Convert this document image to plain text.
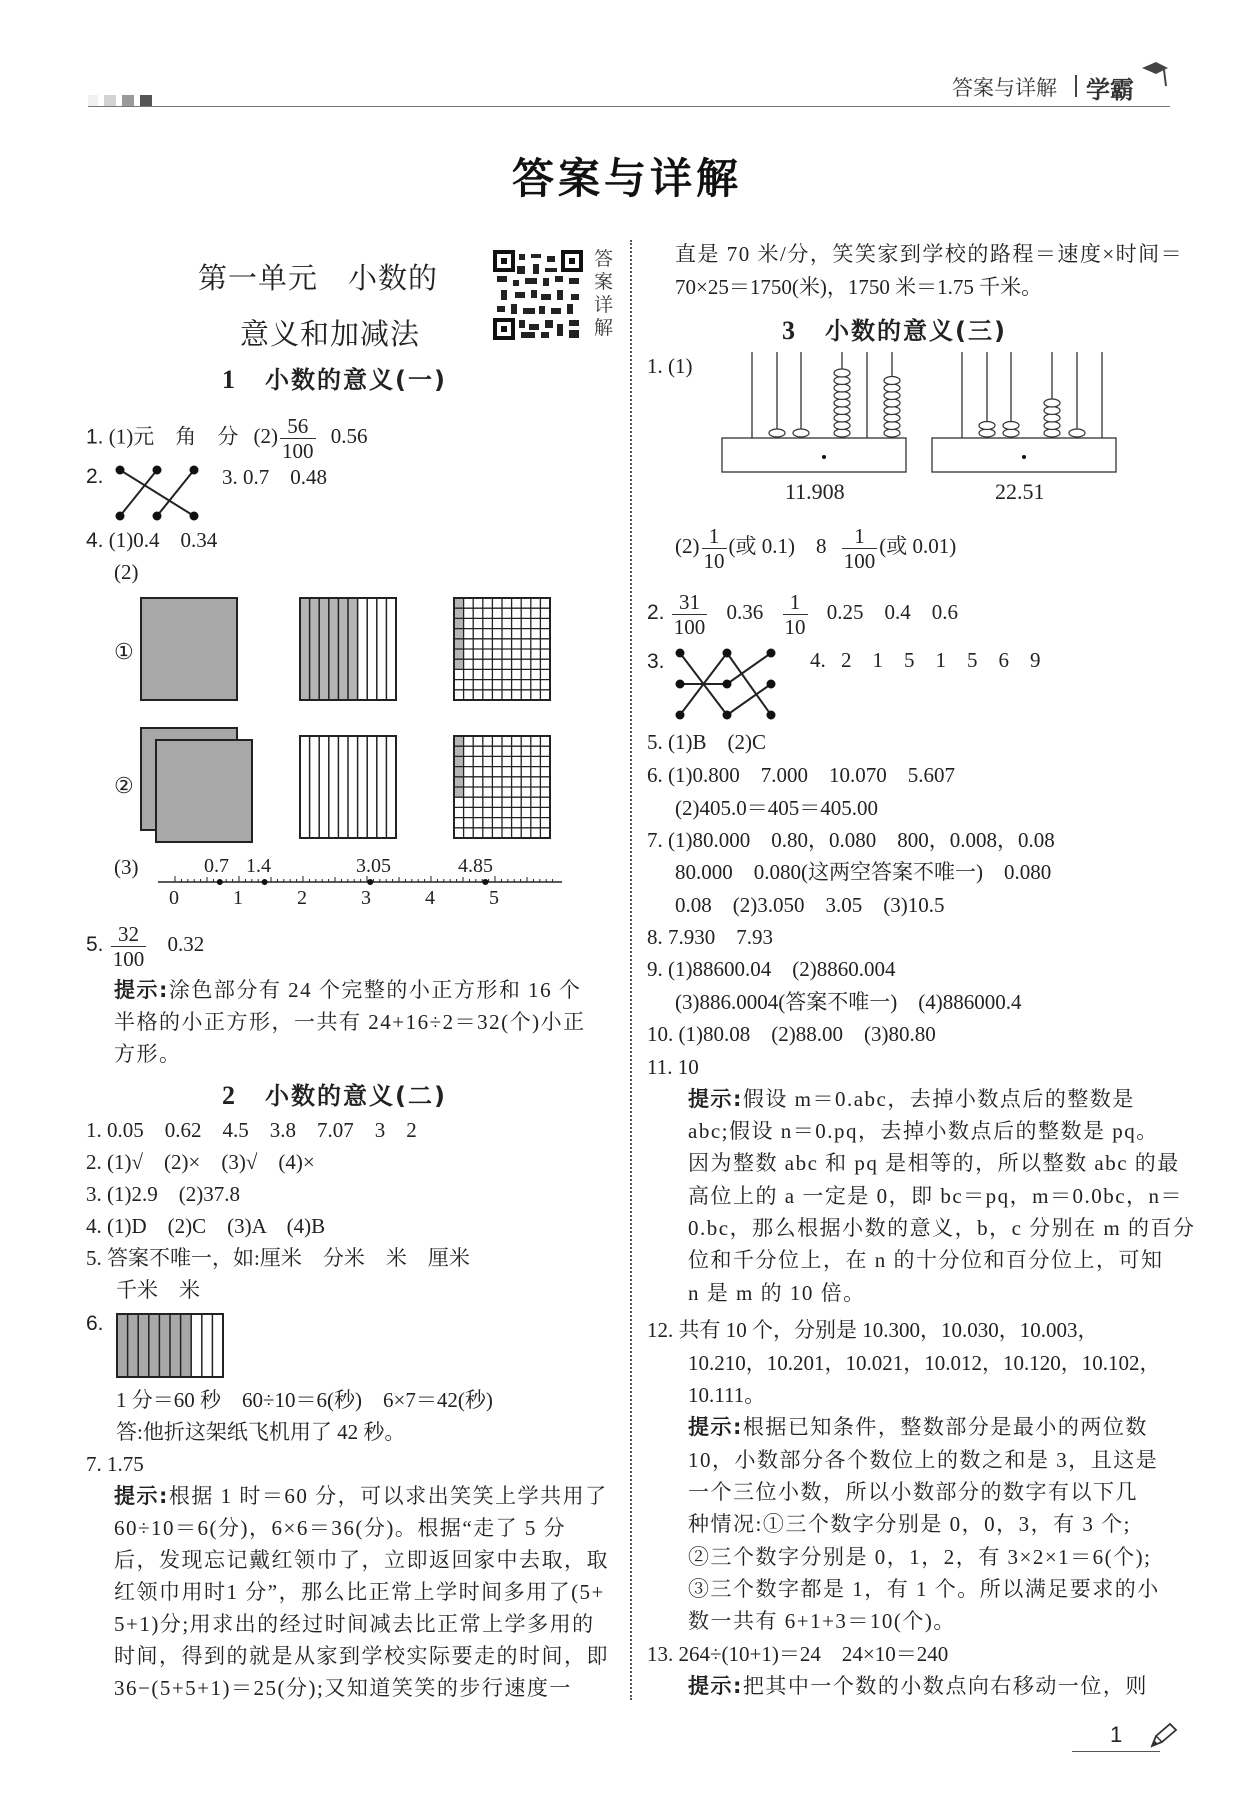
答案与详解 学霸
答案与详解
第一单元　小数的
意义和加减法
答
案
详
解
1 小数的意义(一)
1. (1)元　角　分 $(2) \frac{56}{100} 0.56$
2.	3. 0.7　0.48
4. (1)0.4　0.34
(2)
①
②
(3)	0.7 1.4	3.05	4.85
0	1	2	3	4	5
5. $\frac{32}{100} 0.32$
提示:涂色部分有 24 个完整的小正方形和 16 个
半格的小正方形，一共有 24+16÷2＝32(个)小正
方形。
2 小数的意义(二)
1. 0.05　0.62　4.5　3.8　7.07　3　2
2. (1)√　(2)×　(3)√　(4)×
3. (1)2.9　(2)37.8
4. (1)D　(2)C　(3)A　(4)B
5. 答案不唯一，如:厘米　分米　米　厘米
千米　米
6.
1 分＝60 秒　60÷10＝6(秒)　6×7＝42(秒)
答:他折这架纸飞机用了 42 秒。
7. 1.75
提示:根据 1 时＝60 分，可以求出笑笑上学共用了
60÷10＝6(分)，6×6＝36(分)。根据“走了 5 分
后，发现忘记戴红领巾了，立即返回家中去取，取
红领巾用时1 分”，那么比正常上学时间多用了(5+
5+1)分;用求出的经过时间减去比正常上学多用的
时间，得到的就是从家到学校实际要走的时间，即
36−(5+5+1)＝25(分);又知道笑笑的步行速度一
直是 70 米/分，笑笑家到学校的路程＝速度×时间＝
70×25＝1750(米)，1750 米＝1.75 千米。
3 小数的意义(三)
1. (1)
11.908	22.51
$(2) \frac{1}{10}$ (或 0.1)　$8 \frac{1}{100}$ (或 0.01)
2. $\frac{31}{100} 0.36 \frac{1}{10} 0.25$　0.4　0.6
3.	4. 2　1　5　1　5　6　9
5. (1)B　(2)C
6. (1)0.800　7.000　10.070　5.607
(2)405.0＝405＝405.00
7. (1)80.000　0.80，0.080　800，0.008，0.08
80.000　0.080(这两空答案不唯一)　0.080
0.08　(2)3.050　3.05　(3)10.5
8. 7.930　7.93
9. (1)88600.04　(2)8860.004
(3)886.0004(答案不唯一)　(4)886000.4
10. (1)80.08　(2)88.00　(3)80.80
11. 10
提示:假设 m＝0.abc，去掉小数点后的整数是
abc;假设 n＝0.pq，去掉小数点后的整数是 pq。
因为整数 abc 和 pq 是相等的，所以整数 abc 的最
高位上的 a 一定是 0，即 bc＝pq，m＝0.0bc，n＝
0.bc，那么根据小数的意义，b，c 分别在 m 的百分
位和千分位上，在 n 的十分位和百分位上，可知
n 是 m 的 10 倍。
12. 共有 10 个，分别是 10.300，10.030，10.003，
10.210，10.201，10.021，10.012，10.120，10.102，
10.111。
提示:根据已知条件，整数部分是最小的两位数
10，小数部分各个数位上的数之和是 3，且这是
一个三位小数，所以小数部分的数字有以下几
种情况:①三个数字分别是 0，0，3，有 3 个;
②三个数字分别是 0，1，2，有 3×2×1＝6(个);
③三个数字都是 1，有 1 个。所以满足要求的小
数一共有 6+1+3＝10(个)。
13. 264÷(10+1)＝24　24×10＝240
提示:把其中一个数的小数点向右移动一位，则
1
